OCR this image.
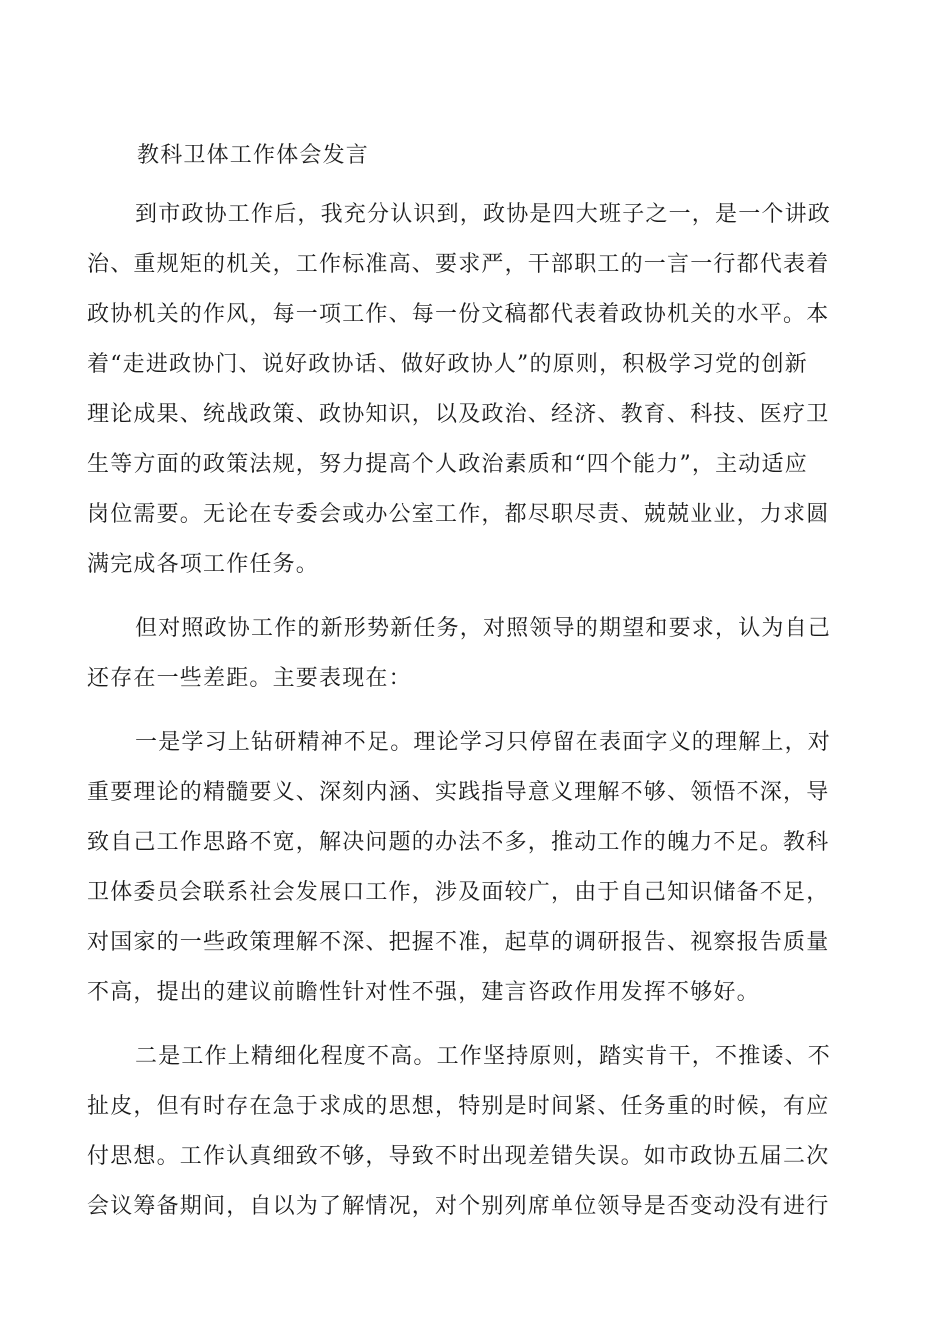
教科卫体工作体会发言
到市政协工作后，我充分认识到，政协是四大班子之一，是一个讲政
治、重规矩的机关，工作标准高、要求严，干部职工的一言一行都代表着
政协机关的作风，每一项工作、每一份文稿都代表着政协机关的水平。本
着“走进政协门、说好政协话、做好政协人”的原则，积极学习党的创新
理论成果、统战政策、政协知识，以及政治、经济、教育、科技、医疗卫
生等方面的政策法规，努力提高个人政治素质和“四个能力”，主动适应
岗位需要。无论在专委会或办公室工作，都尽职尽责、兢兢业业，力求圆
满完成各项工作任务。
但对照政协工作的新形势新任务，对照领导的期望和要求，认为自己
还存在一些差距。主要表现在：
一是学习上钻研精神不足。理论学习只停留在表面字义的理解上，对
重要理论的精髓要义、深刻内涵、实践指导意义理解不够、领悟不深，导
致自己工作思路不宽，解决问题的办法不多，推动工作的魄力不足。教科
卫体委员会联系社会发展口工作，涉及面较广，由于自己知识储备不足，
对国家的一些政策理解不深、把握不准，起草的调研报告、视察报告质量
不高，提出的建议前瞻性针对性不强，建言咨政作用发挥不够好。
二是工作上精细化程度不高。工作坚持原则，踏实肯干，不推诿、不
扯皮，但有时存在急于求成的思想，特别是时间紧、任务重的时候，有应
付思想。工作认真细致不够，导致不时出现差错失误。如市政协五届二次
会议筹备期间，自以为了解情况，对个别列席单位领导是否变动没有进行
